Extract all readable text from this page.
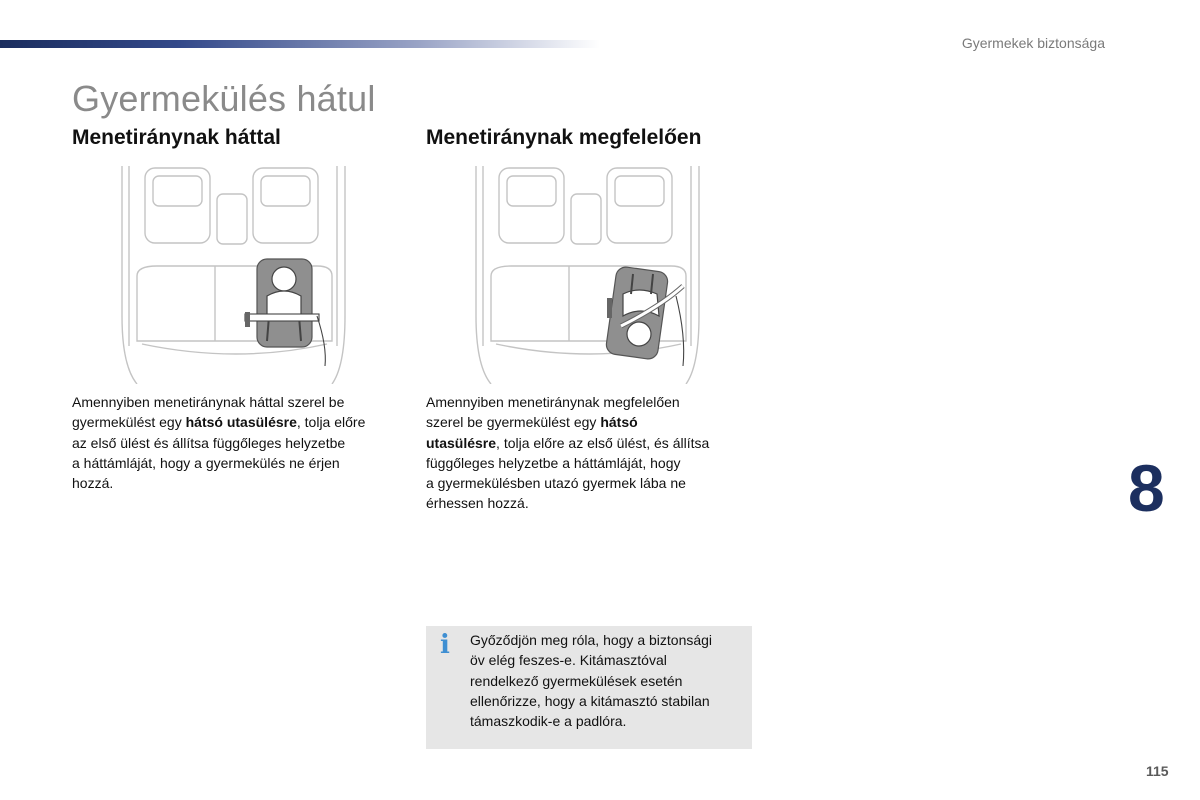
Gyermekek biztonsága
Gyermekülés hátul
Menetiránynak háttal
Amennyiben menetiránynak háttal szerel be
gyermekülést egy hátsó utasülésre, tolja előre
az első ülést és állítsa függőleges helyzetbe
a háttámláját, hogy a gyermekülés ne érjen
hozzá.
Menetiránynak megfelelően
Amennyiben menetiránynak megfelelően
szerel be gyermekülést egy hátsó
utasülésre, tolja előre az első ülést, és állítsa
függőleges helyzetbe a háttámláját, hogy
a gyermekülésben utazó gyermek lába ne
érhessen hozzá.	8
i Győződjön meg róla, hogy a biztonsági
öv elég feszes-e. Kitámasztóval
rendelkező gyermekülések esetén
ellenőrizze, hogy a kitámasztó stabilan
támaszkodik-e a padlóra.
115
